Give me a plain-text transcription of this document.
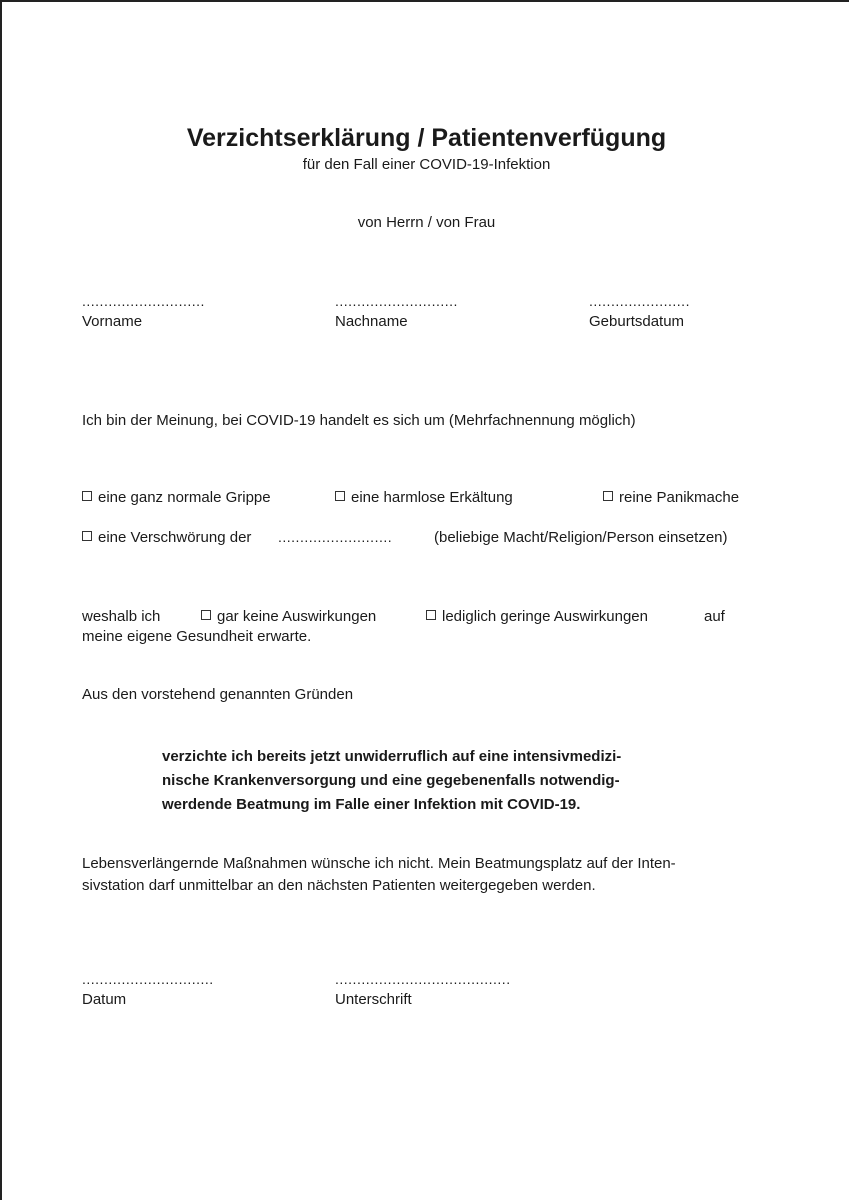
Verzichtserklärung / Patientenverfügung
für den Fall einer COVID-19-Infektion
von Herrn / von Frau
............................
Vorname
............................
Nachname
.......................
Geburtsdatum
Ich bin der Meinung, bei COVID-19 handelt es sich um (Mehrfachnennung möglich)
eine ganz normale Grippe	eine harmlose Erkältung	reine Panikmache
eine Verschwörung der ..........................	(beliebige Macht/Religion/Person einsetzen)
weshalb ich	gar keine Auswirkungen	lediglich geringe Auswirkungen	auf
meine eigene Gesundheit erwarte.
Aus den vorstehend genannten Gründen
verzichte ich bereits jetzt unwiderruflich auf eine intensivmedizi-
nische Krankenversorgung und eine gegebenenfalls notwendig-
werdende Beatmung im Falle einer Infektion mit COVID-19.
Lebensverlängernde Maßnahmen wünsche ich nicht. Mein Beatmungsplatz auf der Inten-
sivstation darf unmittelbar an den nächsten Patienten weitergegeben werden.
..............................
Datum
........................................
Unterschrift
